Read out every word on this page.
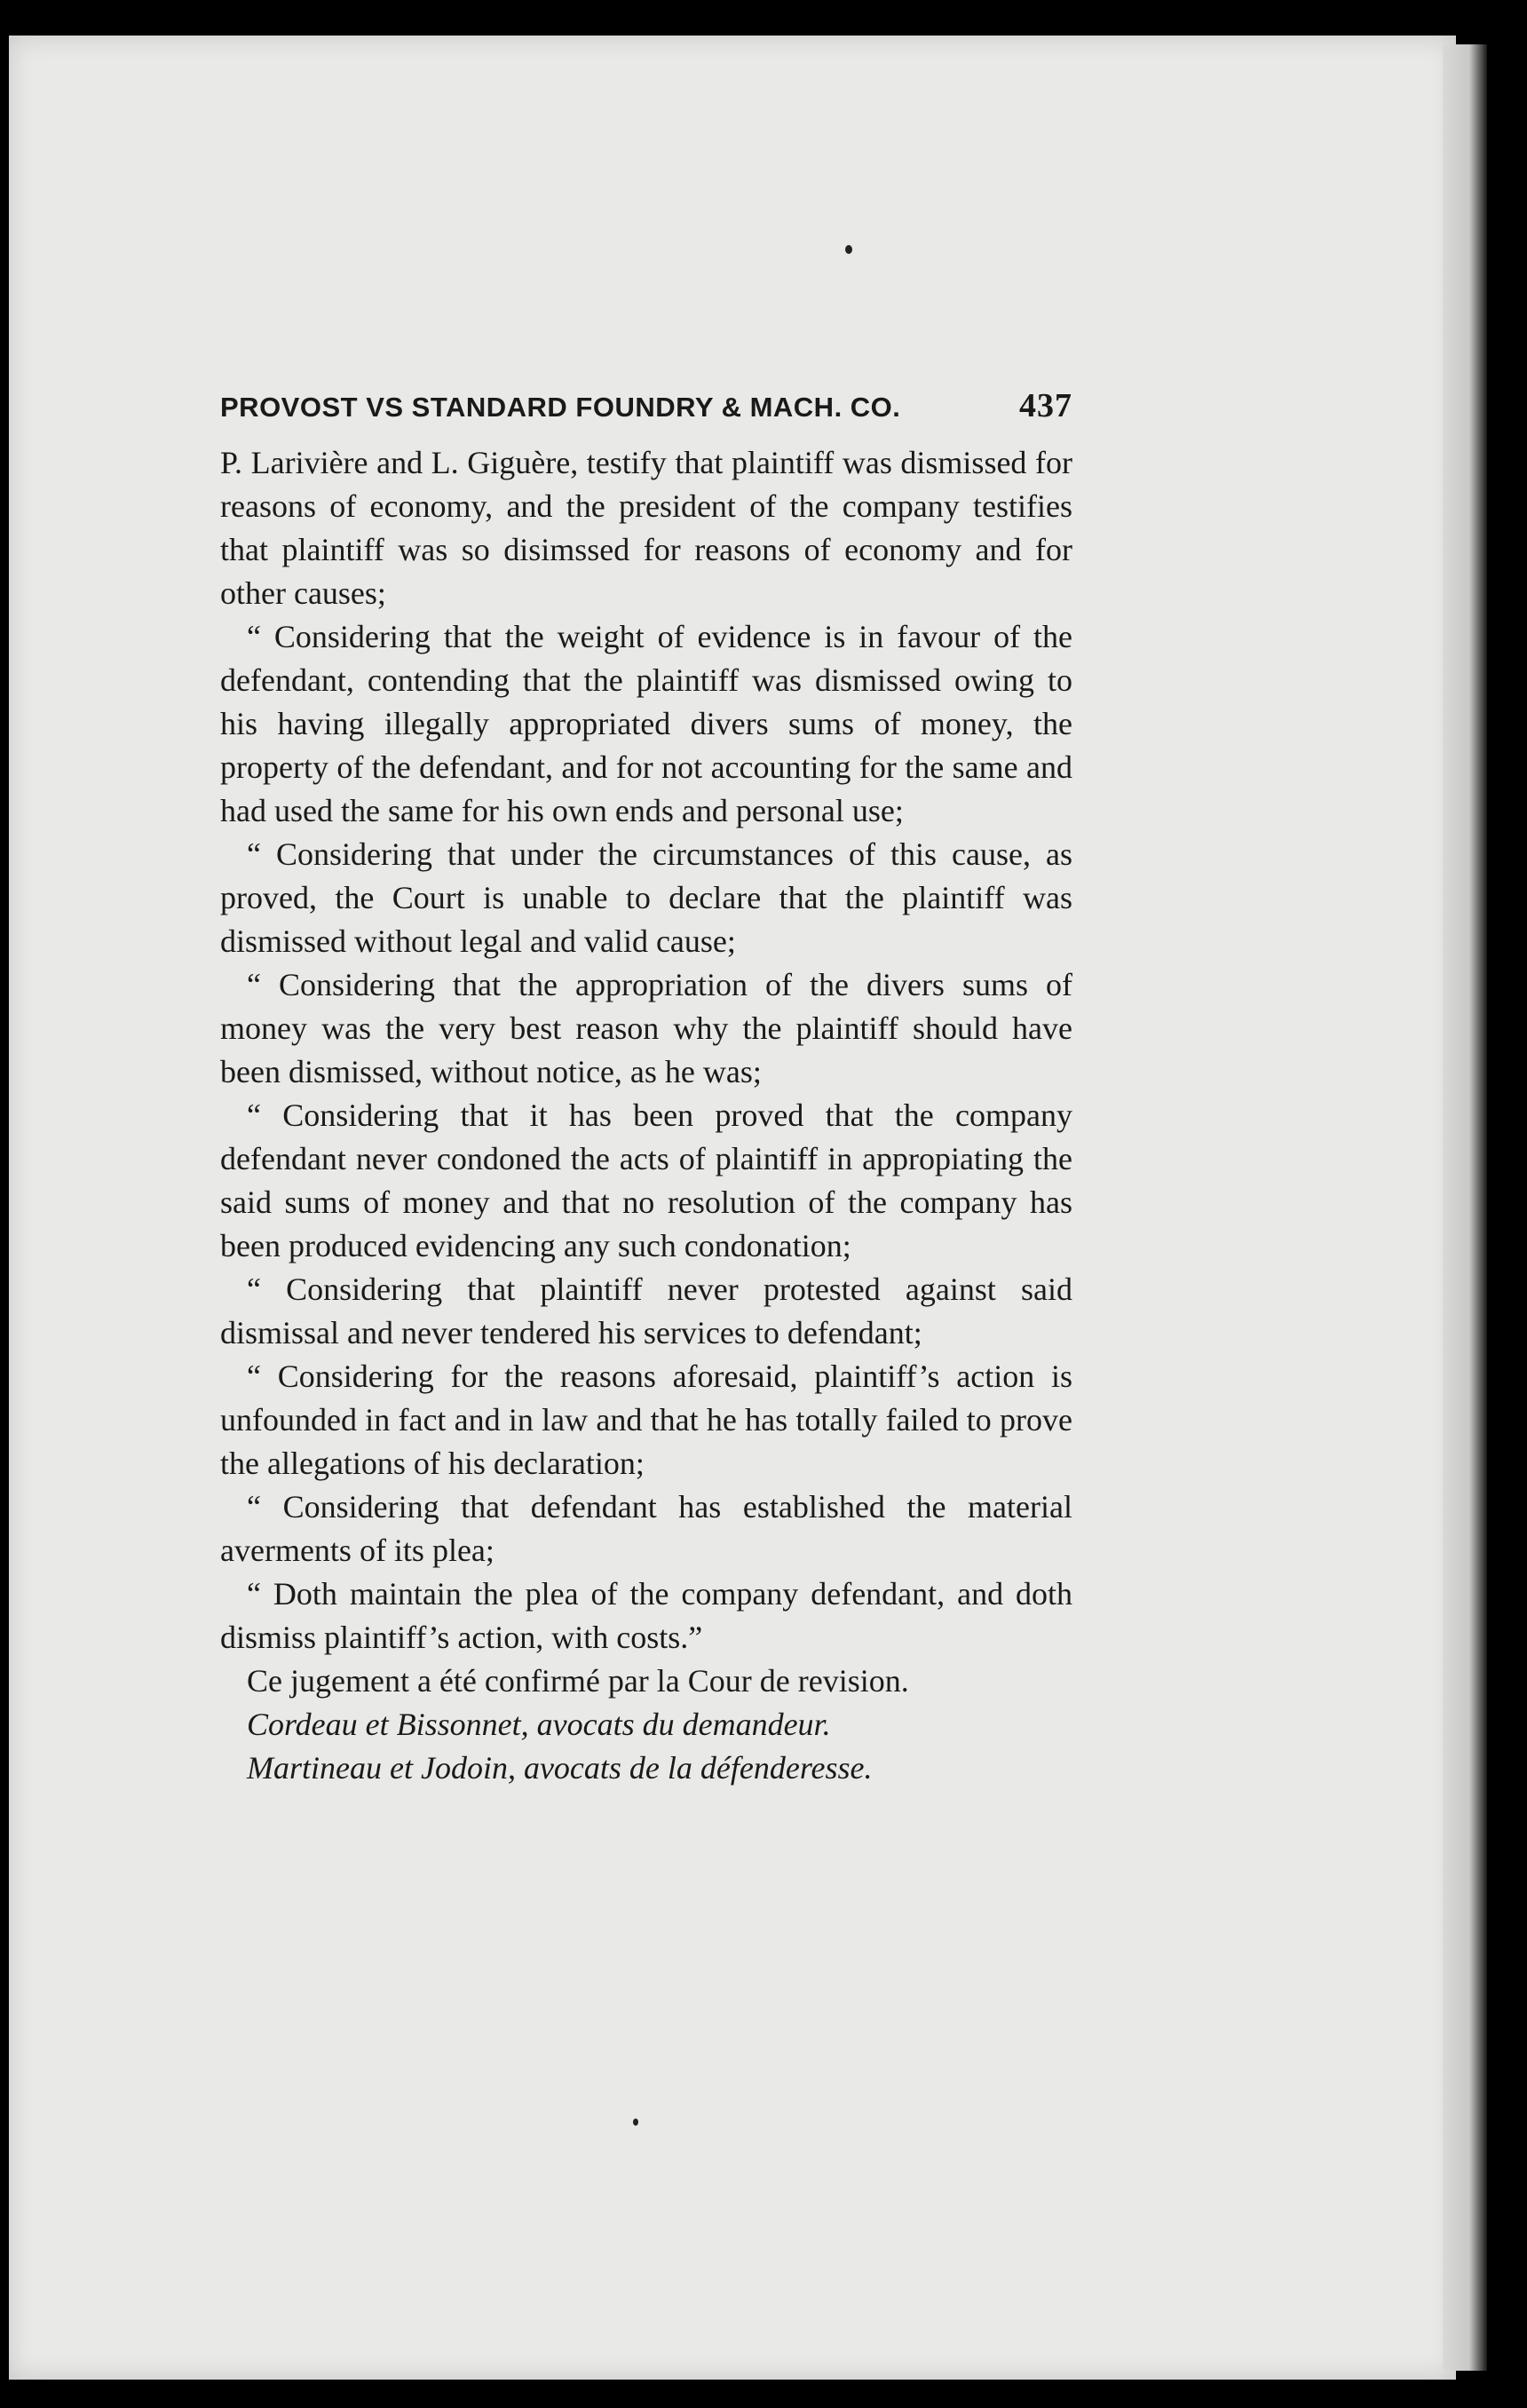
PROVOST VS STANDARD FOUNDRY & MACH. CO.	437

P. Larivière and L. Giguère, testify that plaintiff was dismissed for reasons of economy, and the president of the company testifies that plaintiff was so disimssed for reasons of economy and for other causes;

“ Considering that the weight of evidence is in favour of the defendant, contending that the plaintiff was dismissed owing to his having illegally appropriated divers sums of money, the property of the defendant, and for not accounting for the same and had used the same for his own ends and personal use;

“ Considering that under the circumstances of this cause, as proved, the Court is unable to declare that the plaintiff was dismissed without legal and valid cause;

“ Considering that the appropriation of the divers sums of money was the very best reason why the plaintiff should have been dismissed, without notice, as he was;

“ Considering that it has been proved that the company defendant never condoned the acts of plaintiff in appropiating the said sums of money and that no resolution of the company has been produced evidencing any such condonation;

“ Considering that plaintiff never protested against said dismissal and never tendered his services to defendant;

“ Considering for the reasons aforesaid, plaintiff’s action is unfounded in fact and in law and that he has totally failed to prove the allegations of his declaration;

“ Considering that defendant has established the material averments of its plea;

“ Doth maintain the plea of the company defendant, and doth dismiss plaintiff’s action, with costs.”

Ce jugement a été confirmé par la Cour de revision.

Cordeau et Bissonnet, avocats du demandeur.

Martineau et Jodoin, avocats de la défenderesse.
